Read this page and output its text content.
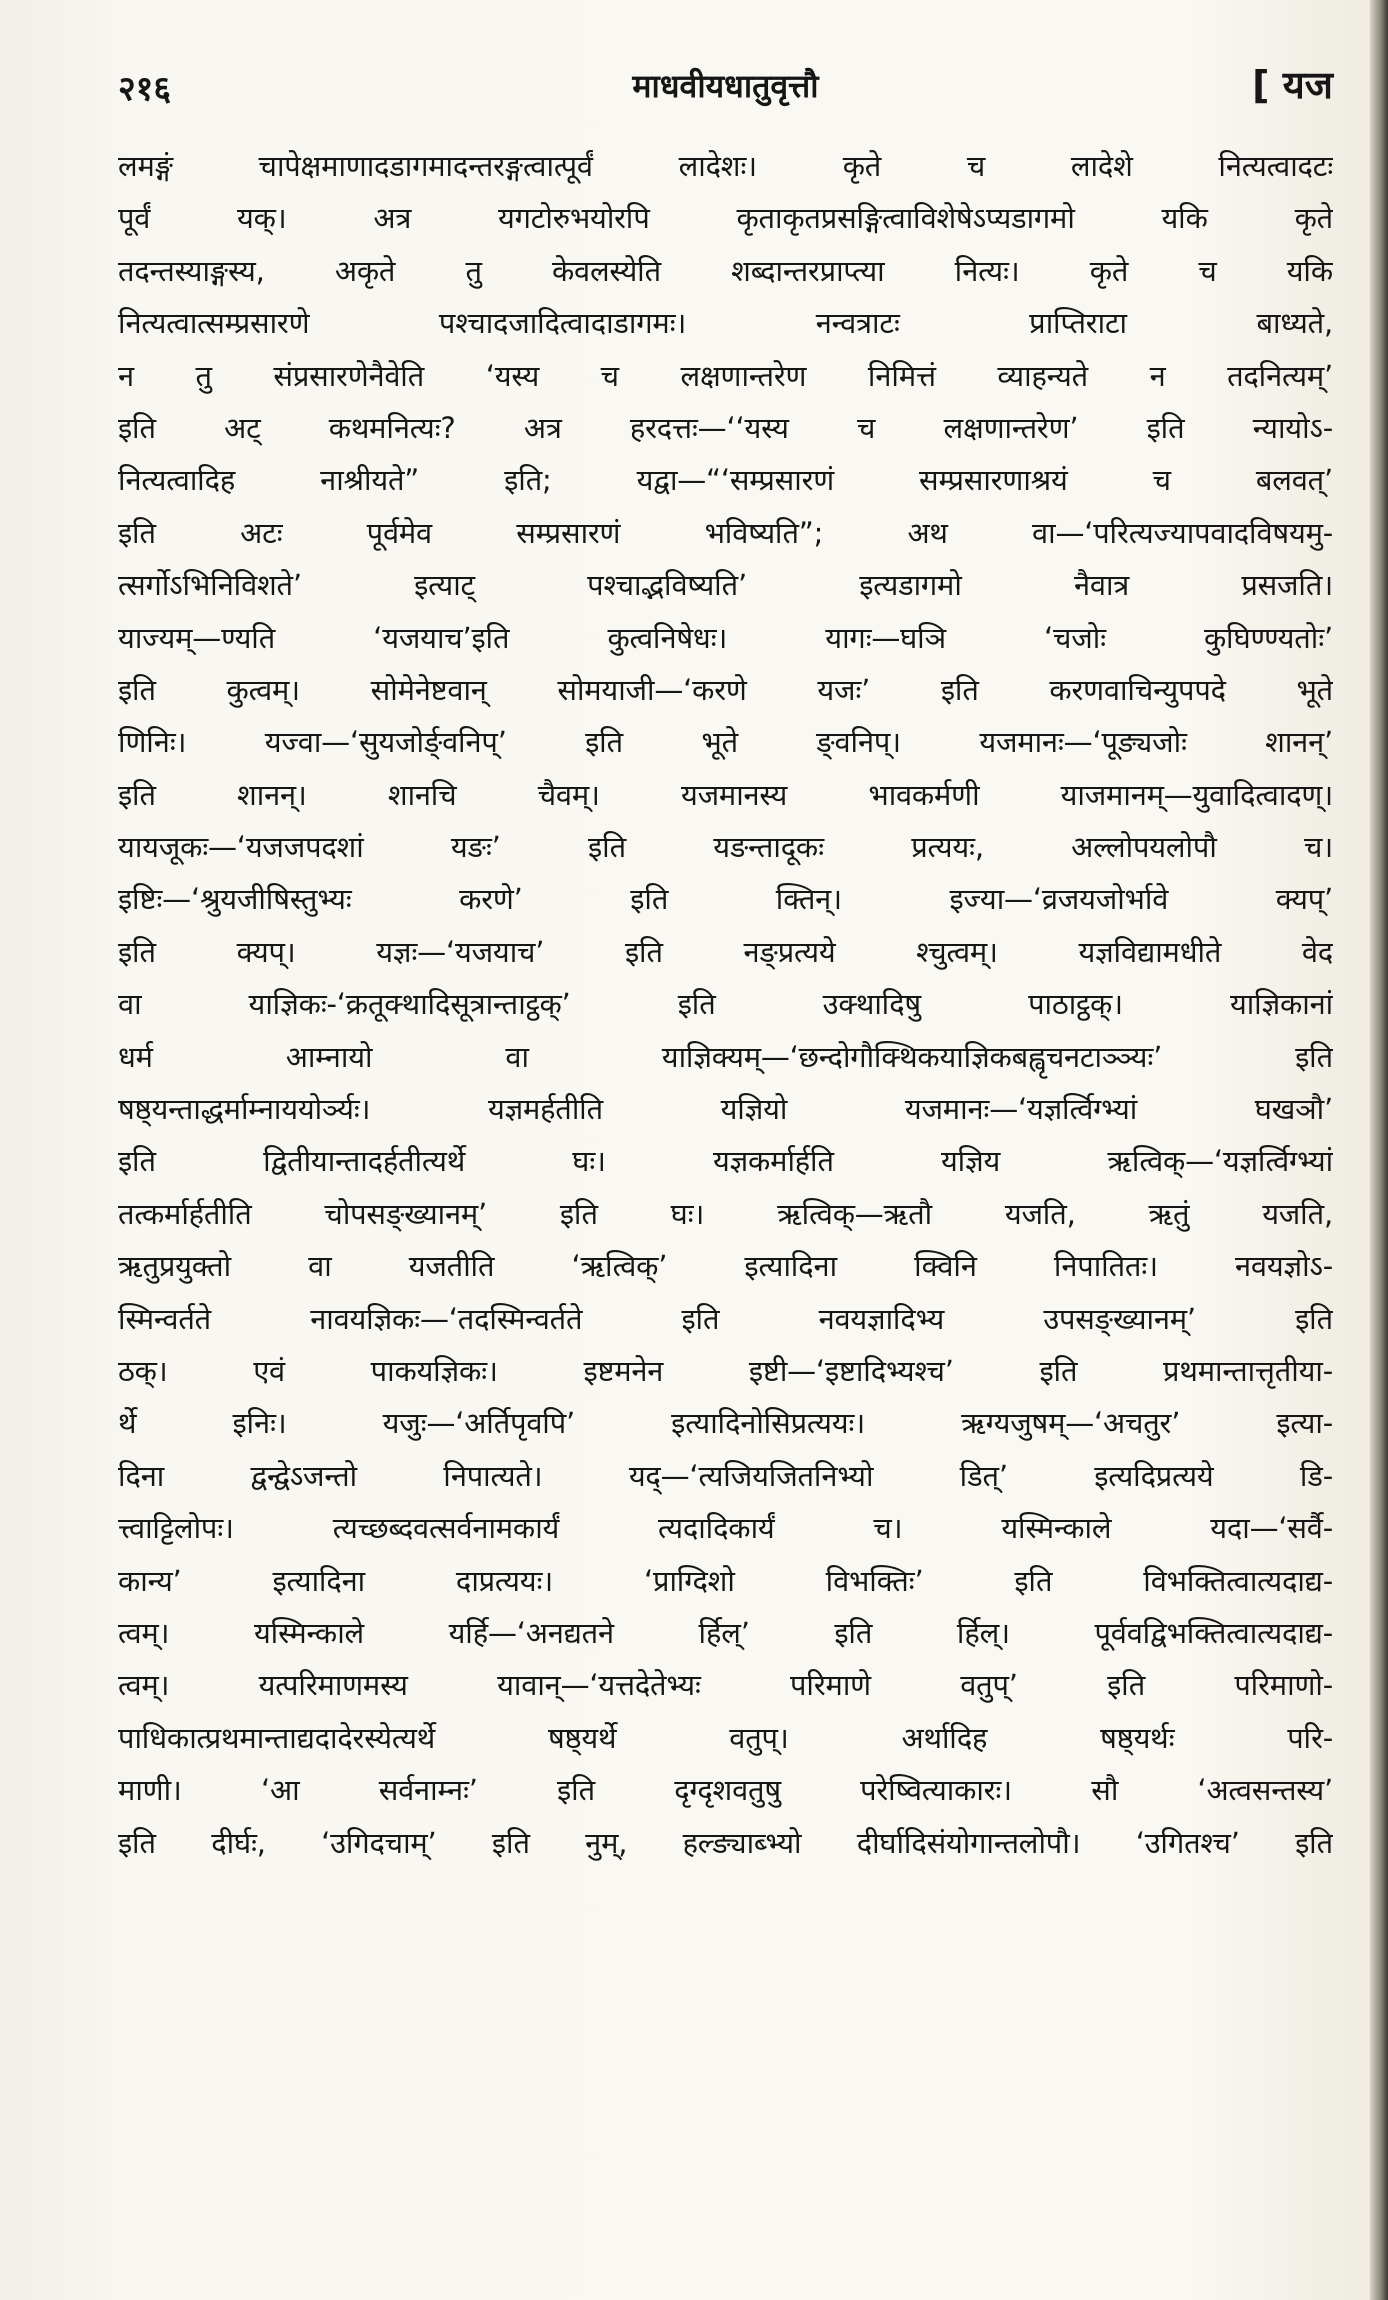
२१६	माधवीयधातुवृत्तौ	[ यज
लमङ्गं चापेक्षमाणादडागमादन्तरङ्गत्वात्पूर्वं लादेशः। कृते च लादेशे नित्यत्वादटः
पूर्वं यक्। अत्र यगटोरुभयोरपि कृताकृतप्रसङ्गित्वाविशेषेऽप्यडागमो यकि कृते
तदन्तस्याङ्गस्य, अकृते तु केवलस्येति शब्दान्तरप्राप्त्या नित्यः। कृते च यकि
नित्यत्वात्सम्प्रसारणे पश्चादजादित्वादाडागमः। नन्वत्राटः प्राप्तिराटा बाध्यते,
न तु संप्रसारणेनैवेति ‘यस्य च लक्षणान्तरेण निमित्तं व्याहन्यते न तदनित्यम्’
इति अट् कथमनित्यः? अत्र हरदत्तः—‘‘यस्य च लक्षणान्तरेण’ इति न्यायोऽ-
नित्यत्वादिह नाश्रीयते” इति; यद्वा—“‘सम्प्रसारणं सम्प्रसारणाश्रयं च बलवत्’
इति अटः पूर्वमेव सम्प्रसारणं भविष्यति”; अथ वा—‘परित्यज्यापवादविषयमु-
त्सर्गोऽभिनिविशते’ इत्याट् पश्चाद्भविष्यति’ इत्यडागमो नैवात्र प्रसजति।
याज्यम्—ण्यति ‘यजयाच’इति कुत्वनिषेधः। यागः—घञि ‘चजोः कुघिण्ण्यतोः’
इति कुत्वम्। सोमेनेष्टवान् सोमयाजी—‘करणे यजः’ इति करणवाचिन्युपपदे भूते
णिनिः। यज्वा—‘सुयजोर्ङ्वनिप्’ इति भूते ङ्वनिप्। यजमानः—‘पूङ्यजोः शानन्’
इति शानन्। शानचि चैवम्। यजमानस्य भावकर्मणी याजमानम्—युवादित्वादण्।
यायजूकः—‘यजजपदशां यङः’ इति यङन्तादूकः प्रत्ययः, अल्लोपयलोपौ च।
इष्टिः—‘श्रुयजीषिस्तुभ्यः करणे’ इति क्तिन्। इज्या—‘व्रजयजोर्भावे क्यप्’
इति क्यप्। यज्ञः—‘यजयाच’ इति नङ्प्रत्यये श्चुत्वम्। यज्ञविद्यामधीते वेद
वा याज्ञिकः-‘क्रतूक्थादिसूत्रान्ताट्ठक्’ इति उक्थादिषु पाठाट्ठक्। याज्ञिकानां
धर्म आम्नायो वा याज्ञिक्यम्—‘छन्दोगौक्थिकयाज्ञिकबह्वृचनटाञ्ञ्यः’ इति
षष्ठ्यन्ताद्धर्माम्नाययोर्ञ्यः। यज्ञमर्हतीति यज्ञियो यजमानः—‘यज्ञर्त्विग्भ्यां घखञौ’
इति द्वितीयान्तादर्हतीत्यर्थे घः। यज्ञकर्मार्हति यज्ञिय ऋत्विक्—‘यज्ञर्त्विग्भ्यां
तत्कर्मार्हतीति चोपसङ्ख्यानम्’ इति घः। ऋत्विक्—ऋतौ यजति, ऋतुं यजति,
ऋतुप्रयुक्तो वा यजतीति ‘ऋत्विक्’ इत्यादिना क्विनि निपातितः। नवयज्ञोऽ-
स्मिन्वर्तते नावयज्ञिकः—‘तदस्मिन्वर्तते इति नवयज्ञादिभ्य उपसङ्ख्यानम्’ इति
ठक्। एवं पाकयज्ञिकः। इष्टमनेन इष्टी—‘इष्टादिभ्यश्च’ इति प्रथमान्तात्तृतीया-
र्थे इनिः। यजुः—‘अर्तिपृवपि’ इत्यादिनोसिप्रत्ययः। ऋग्यजुषम्—‘अचतुर’ इत्या-
दिना द्वन्द्वेऽजन्तो निपात्यते। यद्—‘त्यजियजितनिभ्यो डित्’ इत्यदिप्रत्यये डि-
त्त्वाट्टिलोपः। त्यच्छब्दवत्सर्वनामकार्यं त्यदादिकार्यं च। यस्मिन्काले यदा—‘सर्वै-
कान्य’ इत्यादिना दाप्रत्ययः। ‘प्राग्दिशो विभक्तिः’ इति विभक्तित्वात्यदाद्य-
त्वम्। यस्मिन्काले यर्हि—‘अनद्यतने र्हिल्’ इति र्हिल्। पूर्ववद्विभक्तित्वात्यदाद्य-
त्वम्। यत्परिमाणमस्य यावान्—‘यत्तदेतेभ्यः परिमाणे वतुप्’ इति परिमाणो-
पाधिकात्प्रथमान्ताद्यदादेरस्येत्यर्थे षष्ठ्यर्थे वतुप्। अर्थादिह षष्ठ्यर्थः परि-
माणी। ‘आ सर्वनाम्नः’ इति दृग्दृशवतुषु परेष्वित्याकारः। सौ ‘अत्वसन्तस्य’
इति दीर्घः, ‘उगिदचाम्’ इति नुम्, हल्ङ्याब्भ्यो दीर्घादिसंयोगान्तलोपौ। ‘उगितश्च’ इति
